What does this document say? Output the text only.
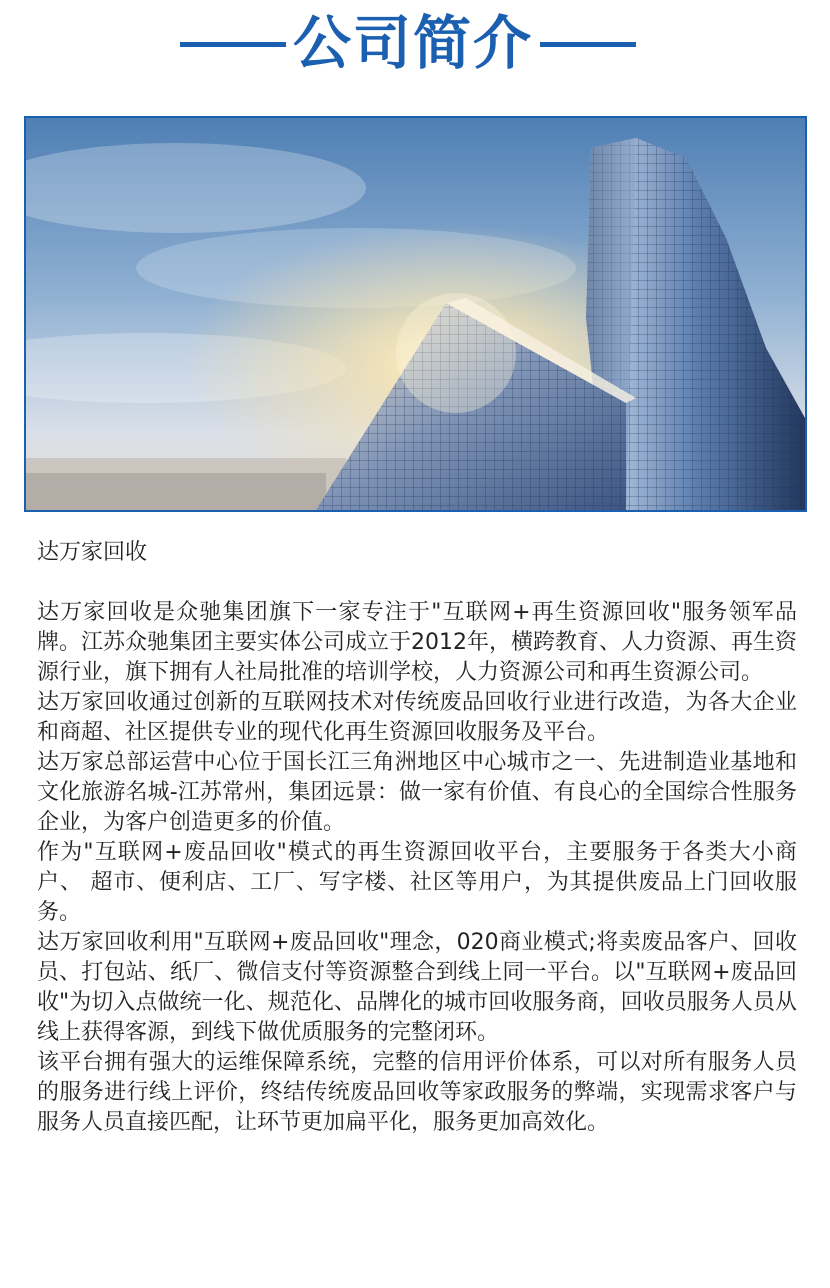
公司简介

达万家回收

达万家回收是众驰集团旗下一家专注于"互联网+再生资源回收"服务领军品牌。江苏众驰集团主要实体公司成立于2012年，横跨教育、人力资源、再生资源行业，旗下拥有人社局批准的培训学校，人力资源公司和再生资源公司。

达万家回收通过创新的互联网技术对传统废品回收行业进行改造，为各大企业和商超、社区提供专业的现代化再生资源回收服务及平台。

达万家总部运营中心位于国长江三角洲地区中心城市之一、先进制造业基地和文化旅游名城-江苏常州，集团远景：做一家有价值、有良心的全国综合性服务企业，为客户创造更多的价值。

作为"互联网+废品回收"模式的再生资源回收平台，主要服务于各类大小商户、 超市、便利店、工厂、写字楼、社区等用户，为其提供废品上门回收服务。

达万家回收利用"互联网+废品回收"理念，020商业模式;将卖废品客户、回收员、打包站、纸厂、微信支付等资源整合到线上同一平台。以"互联网+废品回收"为切入点做统一化、规范化、品牌化的城市回收服务商，回收员服务人员从线上获得客源，到线下做优质服务的完整闭环。

该平台拥有强大的运维保障系统，完整的信用评价体系，可以对所有服务人员的服务进行线上评价，终结传统废品回收等家政服务的弊端，实现需求客户与服务人员直接匹配，让环节更加扁平化，服务更加高效化。
